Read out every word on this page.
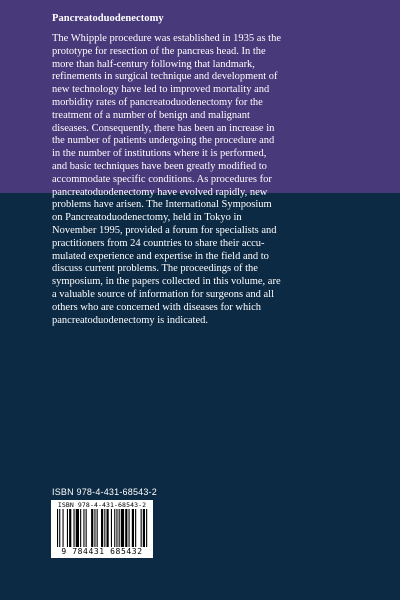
Pancreatoduodenectomy
The Whipple procedure was established in 1935 as the
prototype for resection of the pancreas head. In the
more than half-century following that landmark,
refinements in surgical technique and development of
new technology have led to improved mortality and
morbidity rates of pancreatoduodenectomy for the
treatment of a number of benign and malignant
diseases. Consequently, there has been an increase in
the number of patients undergoing the procedure and
in the number of institutions where it is performed,
and basic techniques have been greatly modified to
accommodate specific conditions. As procedures for
pancreatoduodenectomy have evolved rapidly, new
problems have arisen. The International Symposium
on Pancreatoduodenectomy, held in Tokyo in
November 1995, provided a forum for specialists and
practitioners from 24 countries to share their accu-
mulated experience and expertise in the field and to
discuss current problems. The proceedings of the
symposium, in the papers collected in this volume, are
a valuable source of information for surgeons and all
others who are concerned with diseases for which
pancreatoduodenectomy is indicated.
ISBN 978-4-431-68543-2
ISBN 978-4-431-68543-2
9 784431 685432
